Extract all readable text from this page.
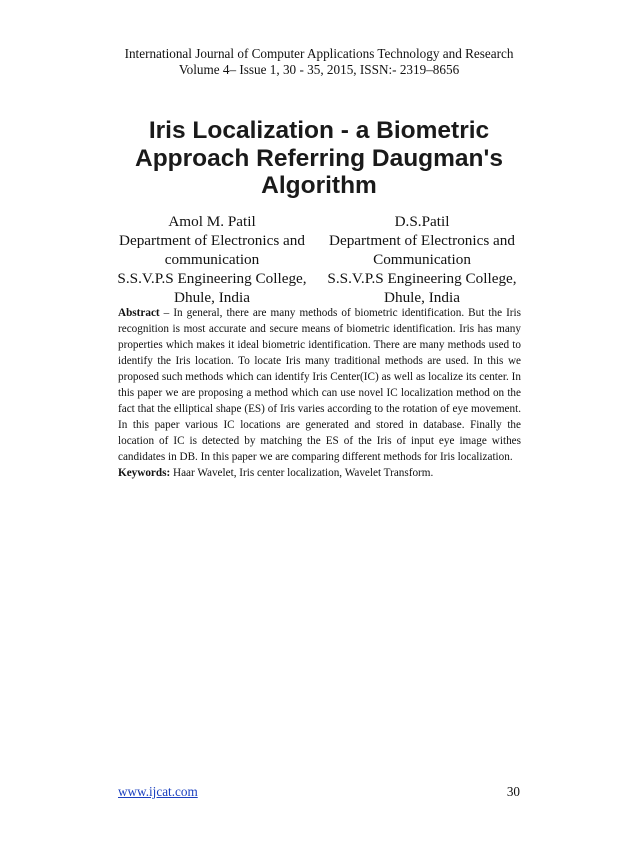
International Journal of Computer Applications Technology and Research
Volume 4– Issue 1, 30 - 35, 2015, ISSN:- 2319–8656
Iris Localization - a Biometric
Approach Referring Daugman's
Algorithm
Amol M. Patil
Department of Electronics and
communication
S.S.V.P.S Engineering College,
Dhule, India
D.S.Patil
Department of Electronics and
Communication
S.S.V.P.S Engineering College,
Dhule, India
Abstract – In general, there are many methods of biometric identification. But the Iris recognition is most accurate and secure means of biometric identification. Iris has many properties which makes it ideal biometric identification. There are many methods used to identify the Iris location. To locate Iris many traditional methods are used. In this we proposed such methods which can identify Iris Center(IC) as well as localize its center. In this paper we are proposing a method which can use novel IC localization method on the fact that the elliptical shape (ES) of Iris varies according to the rotation of eye movement. In this paper various IC locations are generated and stored in database. Finally the location of IC is detected by matching the ES of the Iris of input eye image withes candidates in DB. In this paper we are comparing different methods for Iris localization.
Keywords: Haar Wavelet, Iris center localization, Wavelet Transform.
www.ijcat.com	30
